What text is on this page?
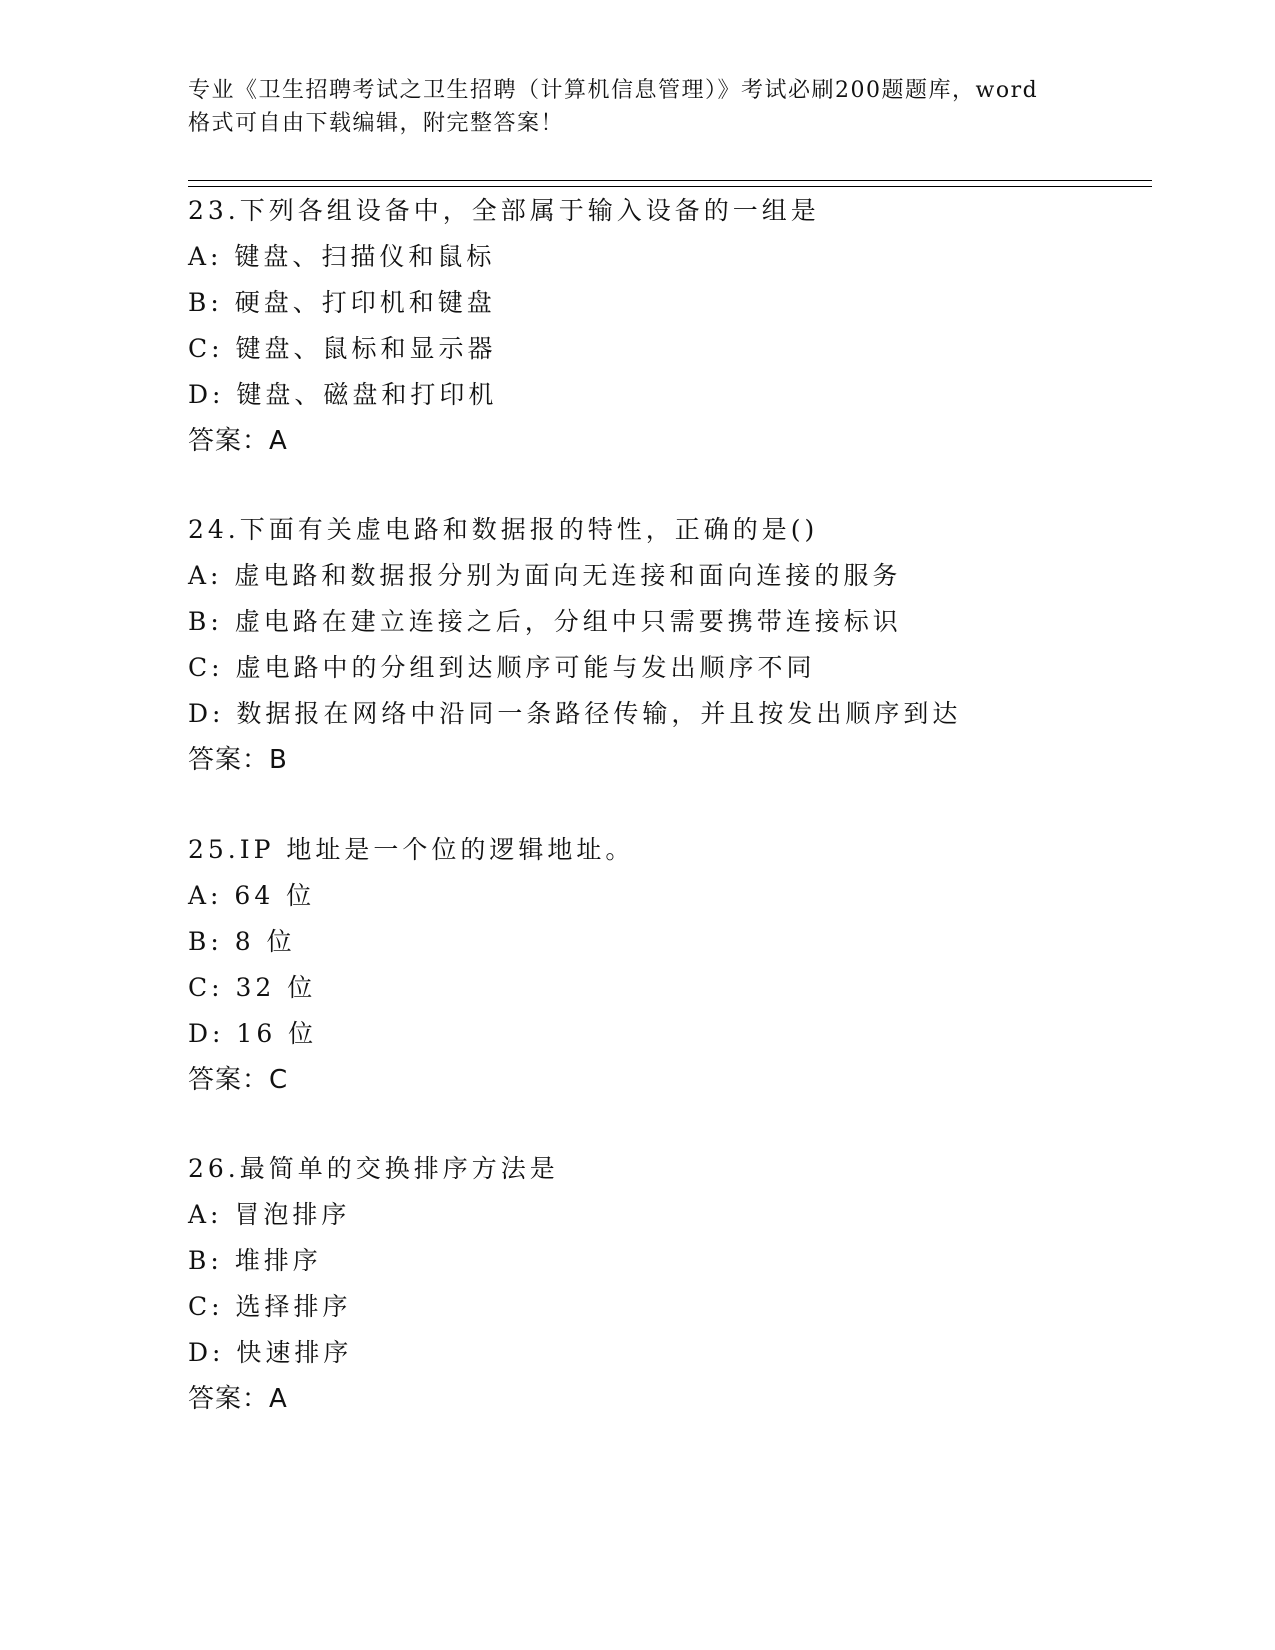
专业《卫生招聘考试之卫生招聘（计算机信息管理）》考试必刷200题题库，word
格式可自由下载编辑，附完整答案！
23.下列各组设备中，全部属于输入设备的一组是
A: 键盘、扫描仪和鼠标
B: 硬盘、打印机和键盘
C: 键盘、鼠标和显示器
D: 键盘、磁盘和打印机
答案：A
24.下面有关虚电路和数据报的特性，正确的是()
A: 虚电路和数据报分别为面向无连接和面向连接的服务
B: 虚电路在建立连接之后，分组中只需要携带连接标识
C: 虚电路中的分组到达顺序可能与发出顺序不同
D: 数据报在网络中沿同一条路径传输，并且按发出顺序到达
答案：B
25.IP 地址是一个位的逻辑地址。
A: 64 位
B: 8 位
C: 32 位
D: 16 位
答案：C
26.最简单的交换排序方法是
A: 冒泡排序
B: 堆排序
C: 选择排序
D: 快速排序
答案：A
